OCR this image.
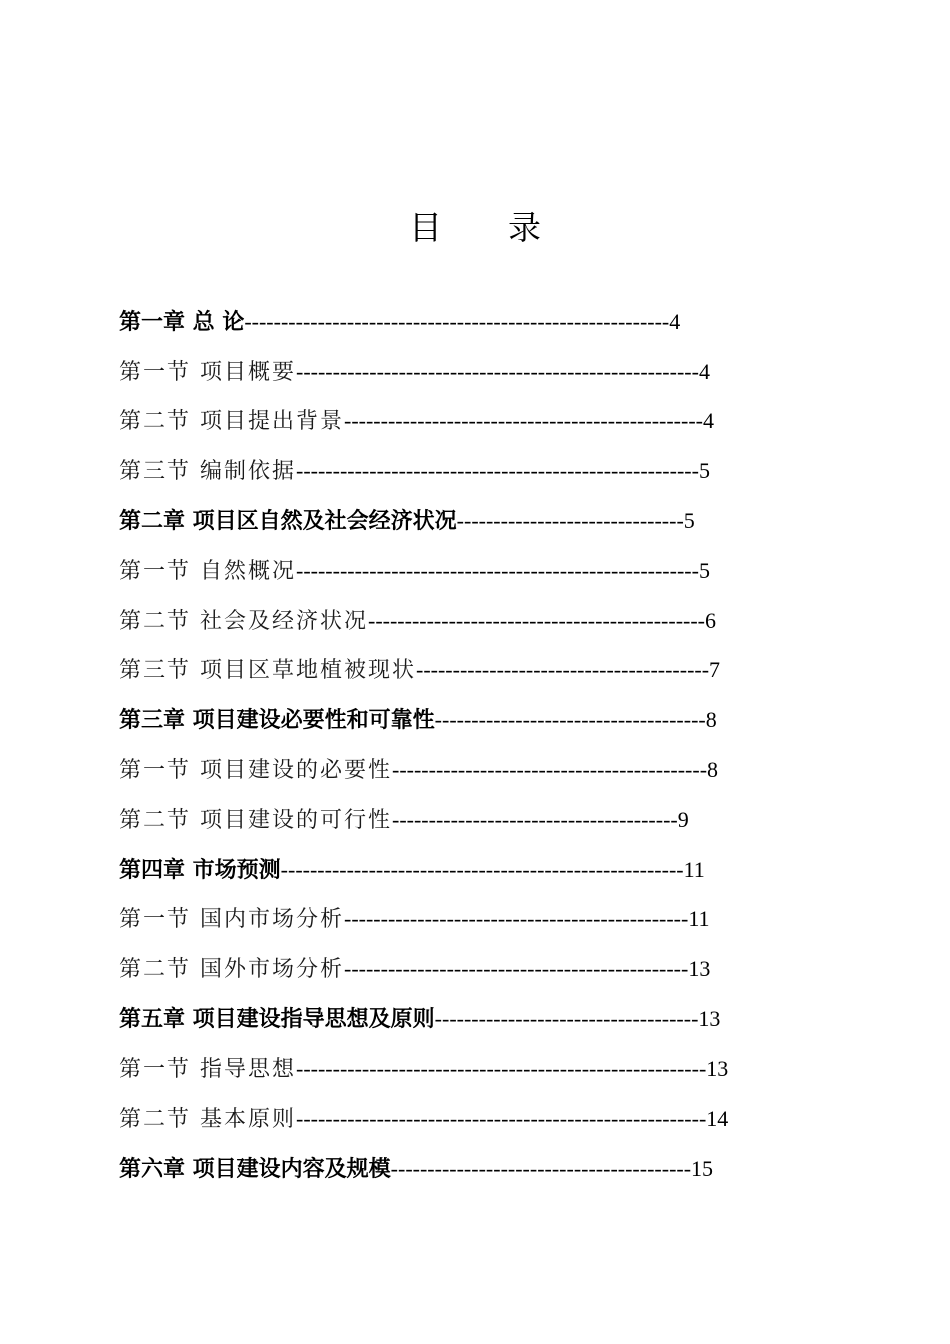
目 录
第一章 总 论----------------------------------------------------------4
第一节 项目概要-------------------------------------------------------4
第二节 项目提出背景-------------------------------------------------4
第三节 编制依据-------------------------------------------------------5
第二章 项目区自然及社会经济状况-------------------------------5
第一节 自然概况-------------------------------------------------------5
第二节 社会及经济状况----------------------------------------------6
第三节 项目区草地植被现状----------------------------------------7
第三章 项目建设必要性和可靠性-------------------------------------8
第一节 项目建设的必要性-------------------------------------------8
第二节 项目建设的可行性---------------------------------------9
第四章 市场预测-------------------------------------------------------11
第一节 国内市场分析-----------------------------------------------11
第二节 国外市场分析-----------------------------------------------13
第五章 项目建设指导思想及原则------------------------------------13
第一节 指导思想--------------------------------------------------------13
第二节 基本原则--------------------------------------------------------14
第六章 项目建设内容及规模-----------------------------------------15
